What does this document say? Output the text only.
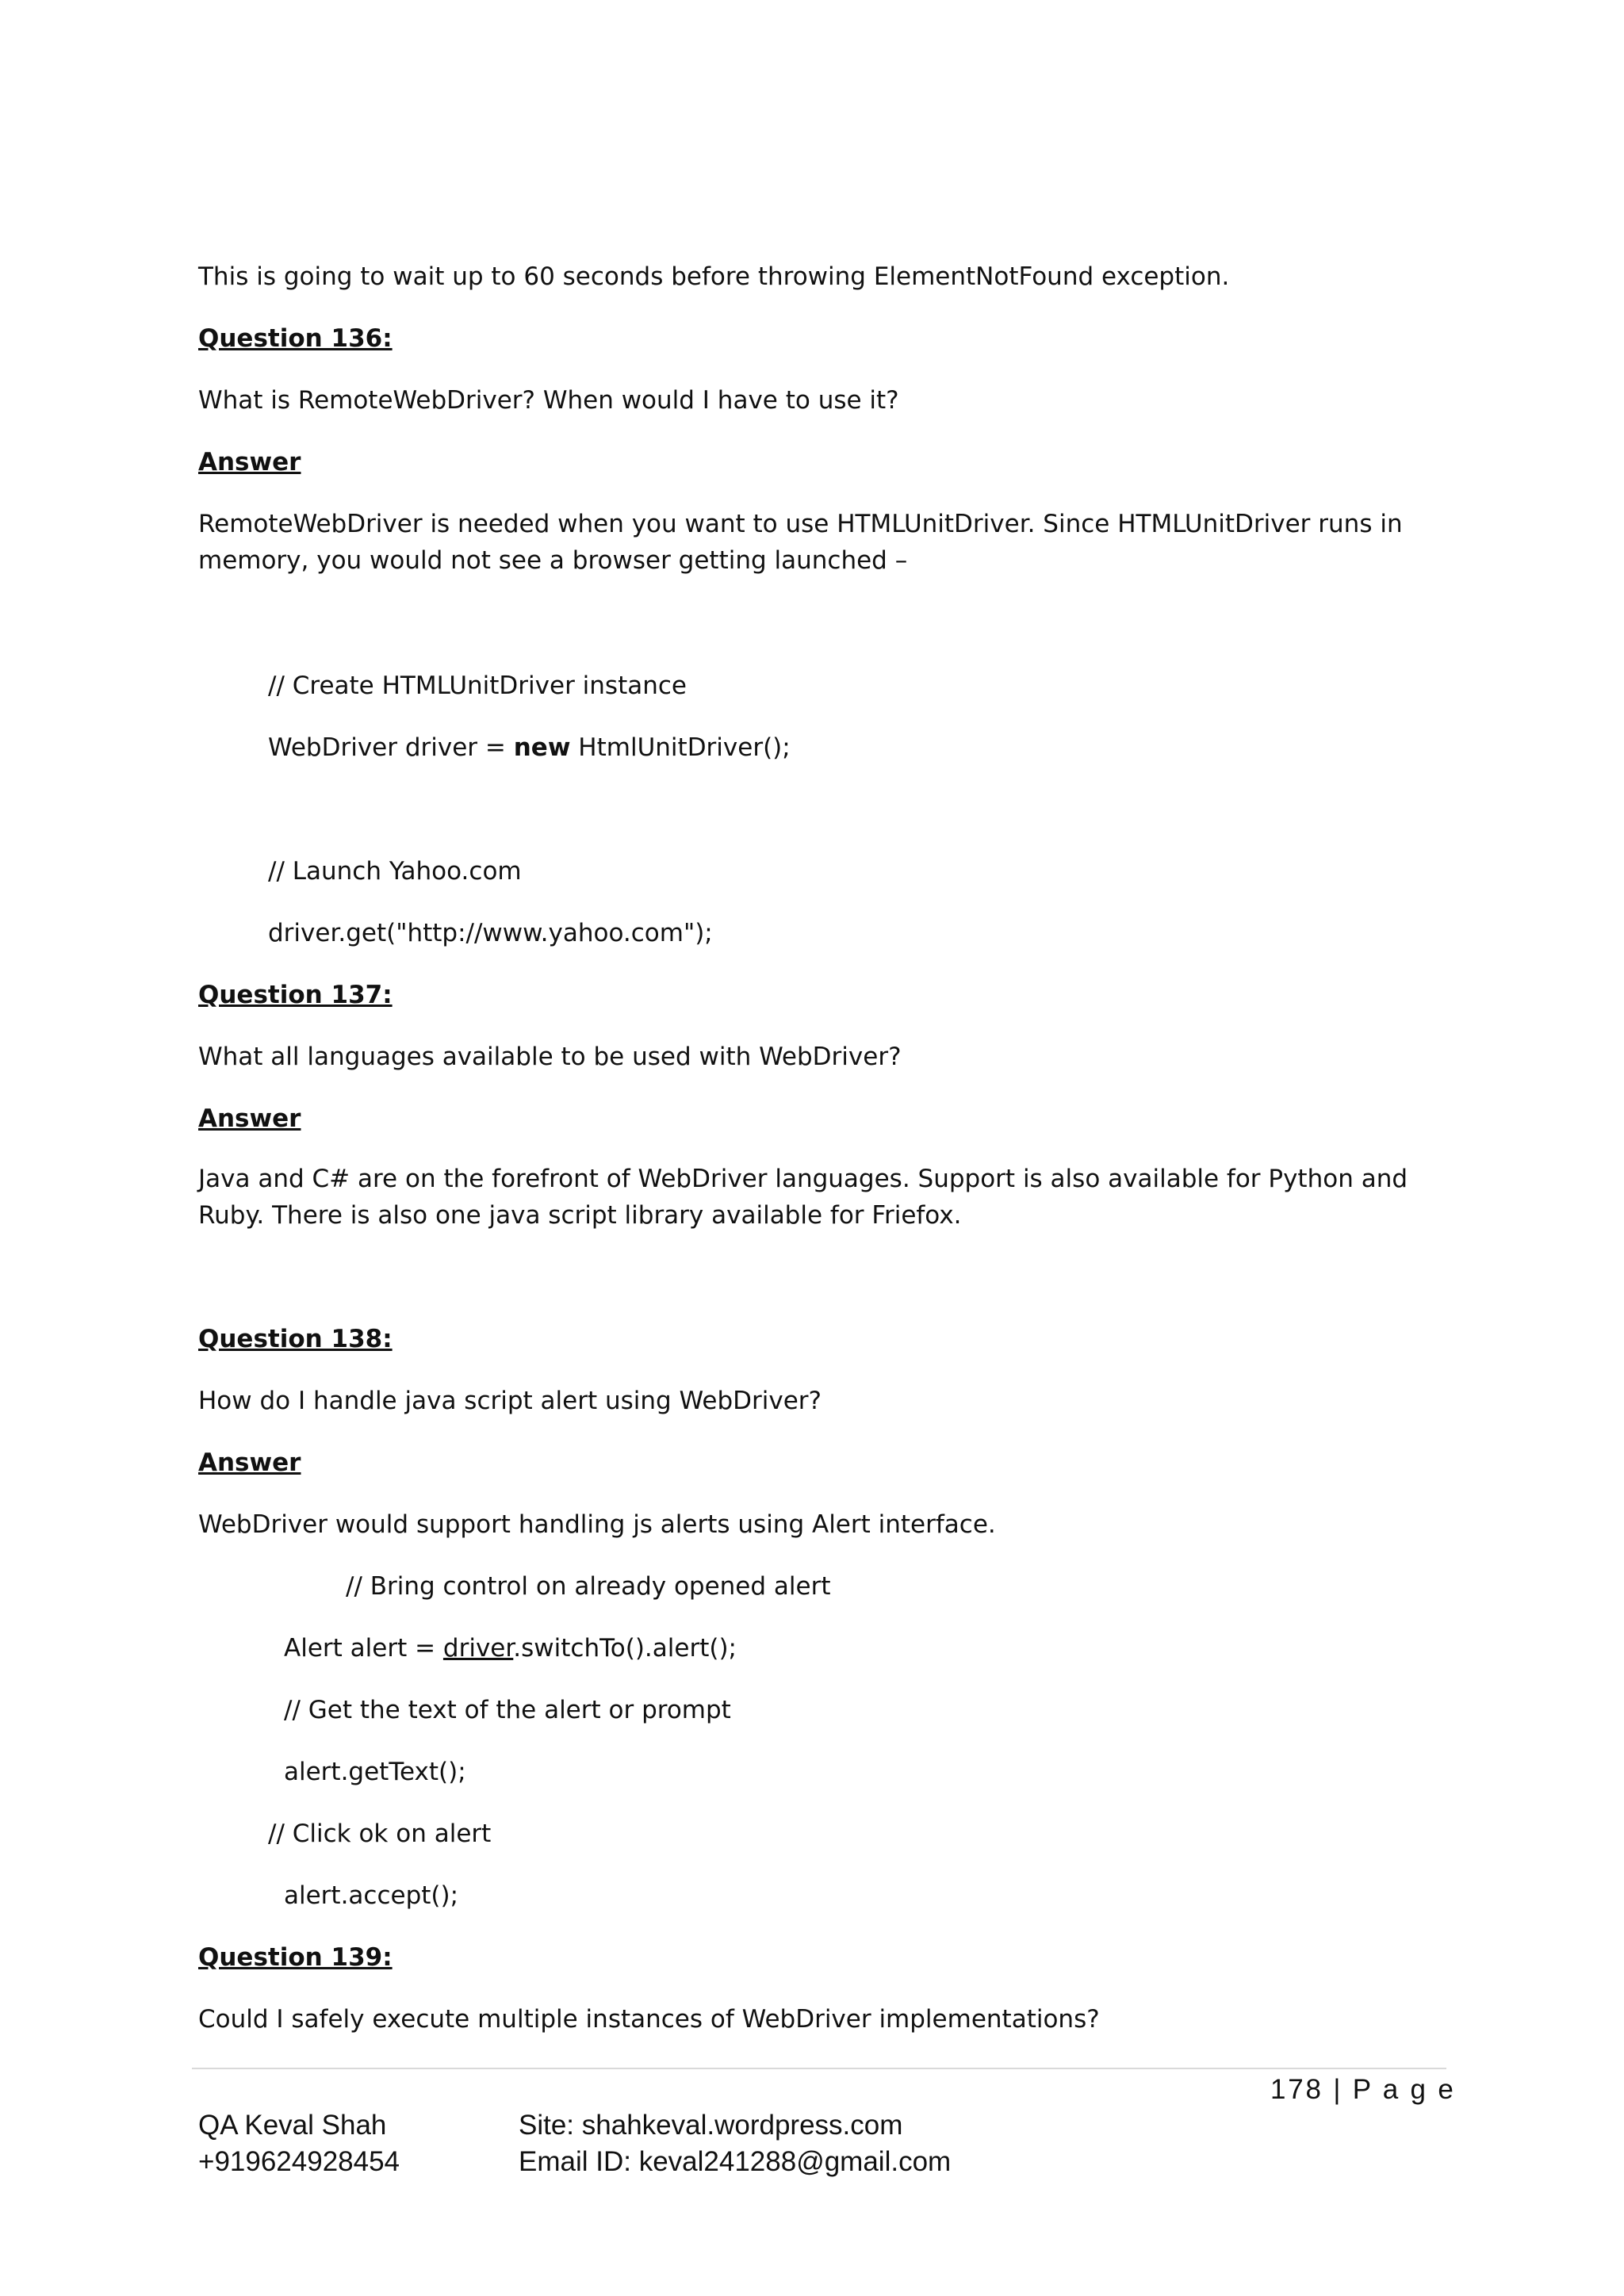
This is going to wait up to 60 seconds before throwing ElementNotFound exception.
Question 136:
What is RemoteWebDriver? When would I have to use it?
Answer
RemoteWebDriver is needed when you want to use HTMLUnitDriver. Since HTMLUnitDriver runs in
memory, you would not see a browser getting launched –
// Create HTMLUnitDriver instance
WebDriver driver = new HtmlUnitDriver();
// Launch Yahoo.com
driver.get("http://www.yahoo.com");
Question 137:
What all languages available to be used with WebDriver?
Answer
Java and C# are on the forefront of WebDriver languages. Support is also available for Python and
Ruby. There is also one java script library available for Friefox.
Question 138:
How do I handle java script alert using WebDriver?
Answer
WebDriver would support handling js alerts using Alert interface.
// Bring control on already opened alert
Alert alert = driver.switchTo().alert();
// Get the text of the alert or prompt
alert.getText();
// Click ok on alert
alert.accept();
Question 139:
Could I safely execute multiple instances of WebDriver implementations?
178 | P a g e
QA Keval Shah
+919624928454
Site: shahkeval.wordpress.com
Email ID: keval241288@gmail.com
